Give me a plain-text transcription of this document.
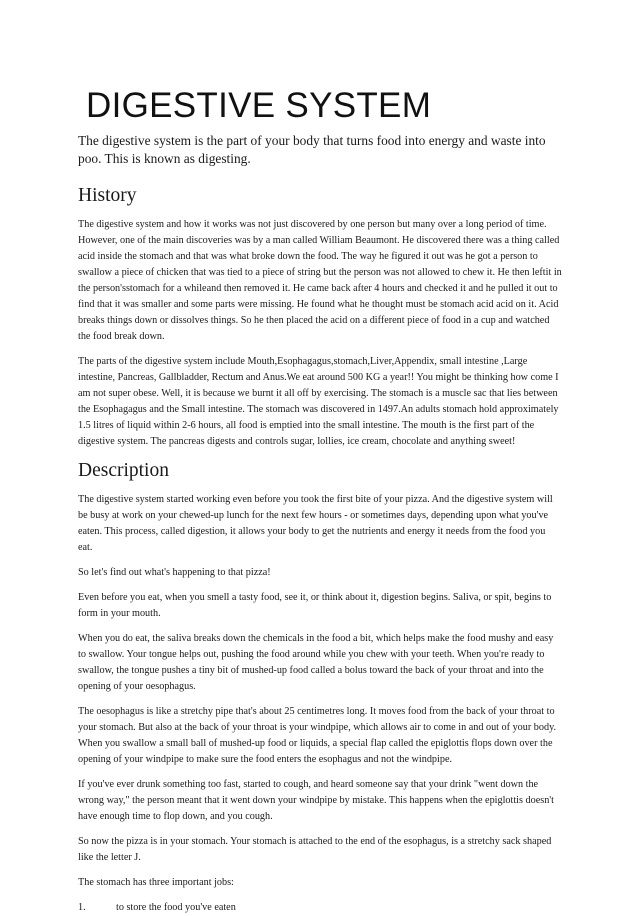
DIGESTIVE SYSTEM

The digestive system is the part of your body that turns food into energy and waste into poo. This is known as digesting.

History

The digestive system and how it works was not just discovered by one person but many over a long period of time. However, one of the main discoveries was by a man called William Beaumont. He discovered there was a thing called acid inside the stomach and that was what broke down the food. The way he figured it out was he got a person to swallow a piece of chicken that was tied to a piece of string but the person was not allowed to chew it. He then leftit in the person'sstomach for a whileand then removed it. He came back after 4 hours and checked it and he pulled it out to find that it was smaller and some parts were missing. He found what he thought must be stomach acid acid on it. Acid breaks things down or dissolves things. So he then placed the acid on a different piece of food in a cup and watched the food break down.

The parts of the digestive system include Mouth,Esophagagus,stomach,Liver,Appendix, small intestine ,Large intestine, Pancreas, Gallbladder, Rectum and Anus.We eat around 500 KG a year!! You might be thinking how come I am not super obese. Well, it is because we burnt it all off by exercising. The stomach is a muscle sac that lies between the Esophagagus and the Small intestine. The stomach was discovered in 1497.An adults stomach hold approximately 1.5 litres of liquid within 2-6 hours, all food is emptied into the small intestine. The mouth is the first part of the digestive system. The pancreas digests and controls sugar, lollies, ice cream, chocolate and anything sweet!

Description

The digestive system started working even before you took the first bite of your pizza. And the digestive system will be busy at work on your chewed-up lunch for the next few hours - or sometimes days, depending upon what you've eaten. This process, called digestion, it allows your body to get the nutrients and energy it needs from the food you eat.

So let's find out what's happening to that pizza!

Even before you eat, when you smell a tasty food, see it, or think about it, digestion begins. Saliva, or spit, begins to form in your mouth.

When you do eat, the saliva breaks down the chemicals in the food a bit, which helps make the food mushy and easy to swallow. Your tongue helps out, pushing the food around while you chew with your teeth. When you're ready to swallow, the tongue pushes a tiny bit of mushed-up food called a bolus toward the back of your throat and into the opening of your oesophagus.

The oesophagus is like a stretchy pipe that's about 25 centimetres long. It moves food from the back of your throat to your stomach. But also at the back of your throat is your windpipe, which allows air to come in and out of your body. When you swallow a small ball of mushed-up food or liquids, a special flap called the epiglottis flops down over the opening of your windpipe to make sure the food enters the esophagus and not the windpipe.

If you've ever drunk something too fast, started to cough, and heard someone say that your drink "went down the wrong way," the person meant that it went down your windpipe by mistake. This happens when the epiglottis doesn't have enough time to flop down, and you cough.

So now the pizza is in your stomach. Your stomach is attached to the end of the esophagus, is a stretchy sack shaped like the letter J.

The stomach has three important jobs:

1.	to store the food you've eaten
